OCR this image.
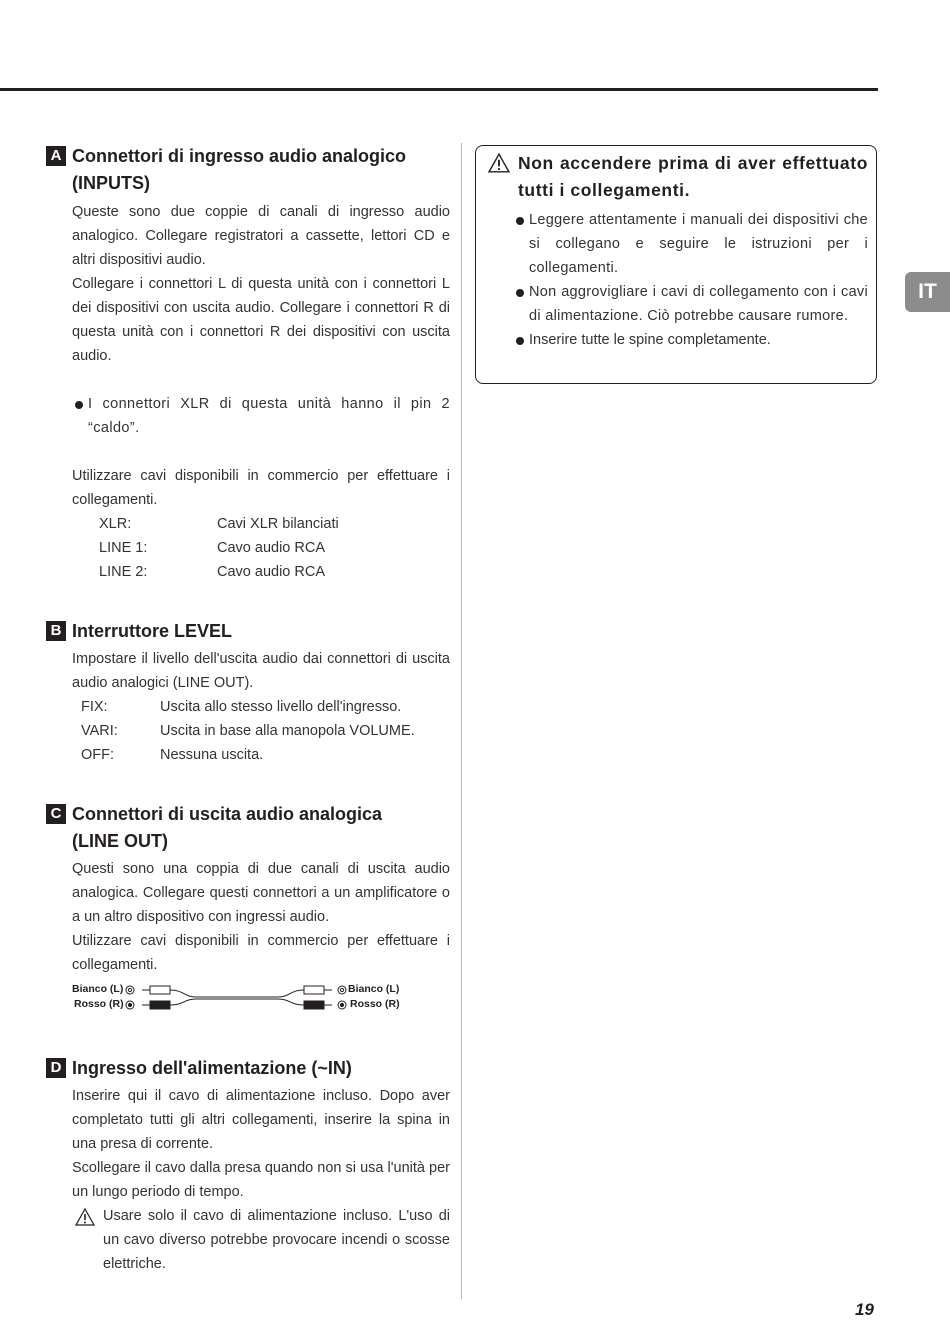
IT
A Connettori di ingresso audio analogico
(INPUTS)

Queste sono due coppie di canali di ingresso audio analogico. Collegare registratori a cassette, lettori CD e altri dispositivi audio.

Collegare i connettori L di questa unità con i connettori L dei dispositivi con uscita audio. Collegare i connettori R di questa unità con i connettori R dei dispositivi con uscita audio.

I connettori XLR di questa unità hanno il pin 2 “caldo”.

Utilizzare cavi disponibili in commercio per effettuare i collegamenti.

XLR:	Cavi XLR bilanciati
LINE 1:	Cavo audio RCA
LINE 2:	Cavo audio RCA
B Interruttore LEVEL

Impostare il livello dell'uscita audio dai connettori di uscita audio analogici (LINE OUT).

FIX:	Uscita allo stesso livello dell'ingresso.
VARI:	Uscita in base alla manopola VOLUME.
OFF:	Nessuna uscita.
C Connettori di uscita audio analogica
(LINE OUT)

Questi sono una coppia di due canali di uscita audio analogica. Collegare questi connettori a un amplificatore o a un altro dispositivo con ingressi audio.

Utilizzare cavi disponibili in commercio per effettuare i collegamenti.

Bianco (L)
Rosso (R)
Bianco (L)
Rosso (R)
D Ingresso dell'alimentazione (~IN)

Inserire qui il cavo di alimentazione incluso. Dopo aver completato tutti gli altri collegamenti, inserire la spina in una presa di corrente.

Scollegare il cavo dalla presa quando non si usa l'unità per un lungo periodo di tempo.

Usare solo il cavo di alimentazione incluso. L'uso di un cavo diverso potrebbe provocare incendi o scosse elettriche.
Non accendere prima di aver effettuato tutti i collegamenti.
Leggere attentamente i manuali dei dispositivi che si collegano e seguire le istruzioni per i collegamenti.
Non aggrovigliare i cavi di collegamento con i cavi di alimentazione. Ciò potrebbe causare rumore.
Inserire tutte le spine completamente.
19
